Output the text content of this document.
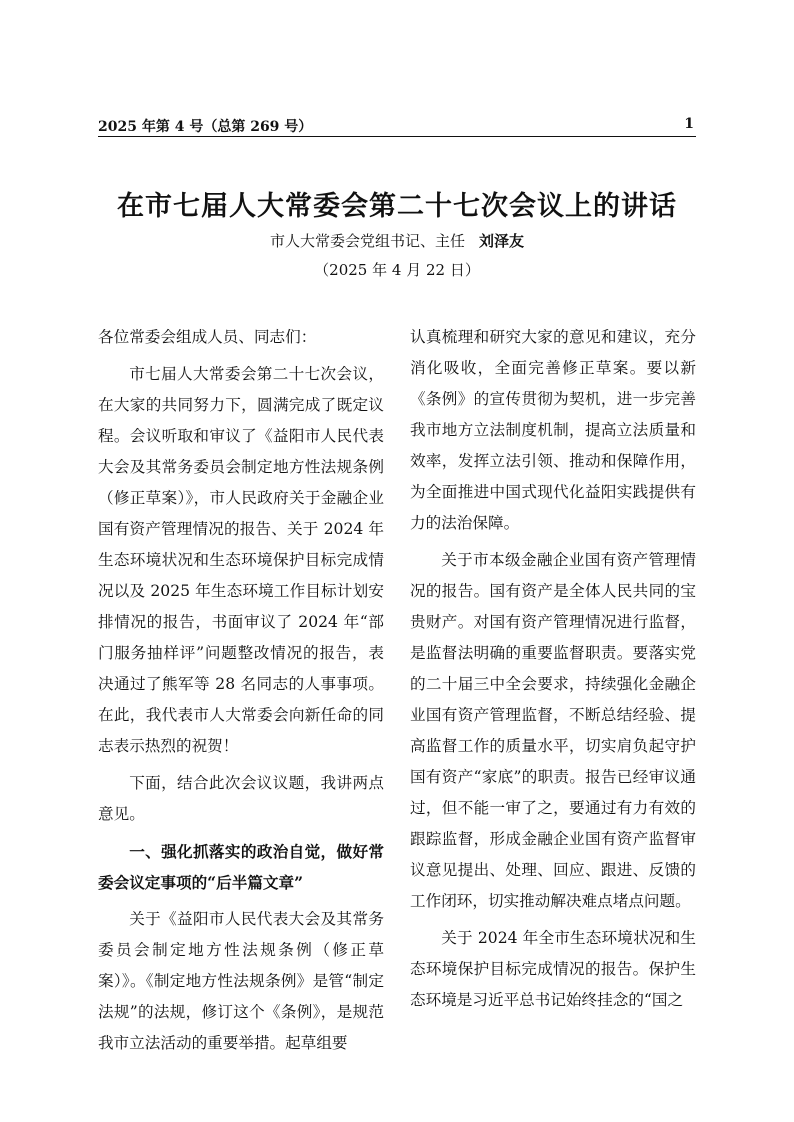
2025 年第 4 号（总第 269 号）	1
在市七届人大常委会第二十七次会议上的讲话
市人大常委会党组书记、主任 刘泽友
（2025 年 4 月 22 日）

各位常委会组成人员、同志们：

市七届人大常委会第二十七次会议，在大家的共同努力下，圆满完成了既定议程。会议听取和审议了《益阳市人民代表大会及其常务委员会制定地方性法规条例（修正草案）》，市人民政府关于金融企业国有资产管理情况的报告、关于 2024 年生态环境状况和生态环境保护目标完成情况以及 2025 年生态环境工作目标计划安排情况的报告，书面审议了 2024 年“部门服务抽样评”问题整改情况的报告，表决通过了熊军等 28 名同志的人事事项。在此，我代表市人大常委会向新任命的同志表示热烈的祝贺！

下面，结合此次会议议题，我讲两点意见。

一、强化抓落实的政治自觉，做好常委会议定事项的“后半篇文章”

关于《益阳市人民代表大会及其常务委员会制定地方性法规条例（修正草案）》。《制定地方性法规条例》是管“制定法规”的法规，修订这个《条例》，是规范我市立法活动的重要举措。起草组要

认真梳理和研究大家的意见和建议，充分消化吸收，全面完善修正草案。要以新《条例》的宣传贯彻为契机，进一步完善我市地方立法制度机制，提高立法质量和效率，发挥立法引领、推动和保障作用，为全面推进中国式现代化益阳实践提供有力的法治保障。

关于市本级金融企业国有资产管理情况的报告。国有资产是全体人民共同的宝贵财产。对国有资产管理情况进行监督，是监督法明确的重要监督职责。要落实党的二十届三中全会要求，持续强化金融企业国有资产管理监督，不断总结经验、提高监督工作的质量水平，切实肩负起守护国有资产“家底”的职责。报告已经审议通过，但不能一审了之，要通过有力有效的跟踪监督，形成金融企业国有资产监督审议意见提出、处理、回应、跟进、反馈的工作闭环，切实推动解决难点堵点问题。

关于 2024 年全市生态环境状况和生态环境保护目标完成情况的报告。保护生态环境是习近平总书记始终挂念的“国之
